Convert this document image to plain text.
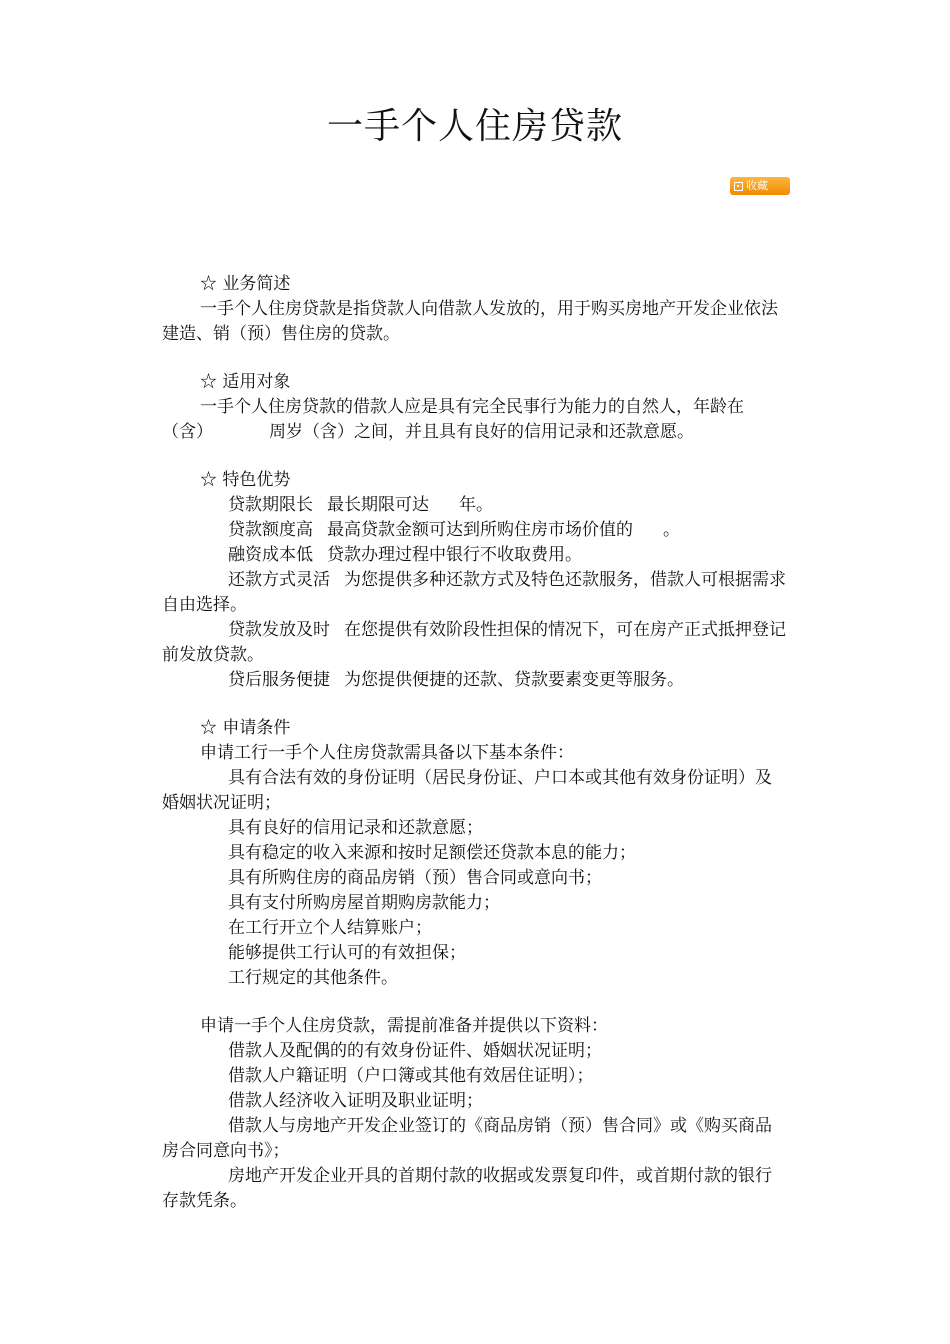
一手个人住房贷款
收藏
☆ 业务简述
一手个人住房贷款是指贷款人向借款人发放的，用于购买房地产开发企业依法建造、销（预）售住房的贷款。
☆ 适用对象
一手个人住房贷款的借款人应是具有完全民事行为能力的自然人，年龄在（含）	周岁（含）之间，并且具有良好的信用记录和还款意愿。
☆ 特色优势
贷款期限长 最长期限可达 年。
贷款额度高 最高贷款金额可达到所购住房市场价值的 。
融资成本低 贷款办理过程中银行不收取费用。
还款方式灵活 为您提供多种还款方式及特色还款服务，借款人可根据需求自由选择。
贷款发放及时 在您提供有效阶段性担保的情况下，可在房产正式抵押登记前发放贷款。
贷后服务便捷 为您提供便捷的还款、贷款要素变更等服务。
☆ 申请条件
申请工行一手个人住房贷款需具备以下基本条件：
具有合法有效的身份证明（居民身份证、户口本或其他有效身份证明）及婚姻状况证明；
具有良好的信用记录和还款意愿；
具有稳定的收入来源和按时足额偿还贷款本息的能力；
具有所购住房的商品房销（预）售合同或意向书；
具有支付所购房屋首期购房款能力；
在工行开立个人结算账户；
能够提供工行认可的有效担保；
工行规定的其他条件。
申请一手个人住房贷款，需提前准备并提供以下资料：
借款人及配偶的的有效身份证件、婚姻状况证明；
借款人户籍证明（户口簿或其他有效居住证明）；
借款人经济收入证明及职业证明；
借款人与房地产开发企业签订的《商品房销（预）售合同》或《购买商品房合同意向书》；
房地产开发企业开具的首期付款的收据或发票复印件，或首期付款的银行存款凭条。
